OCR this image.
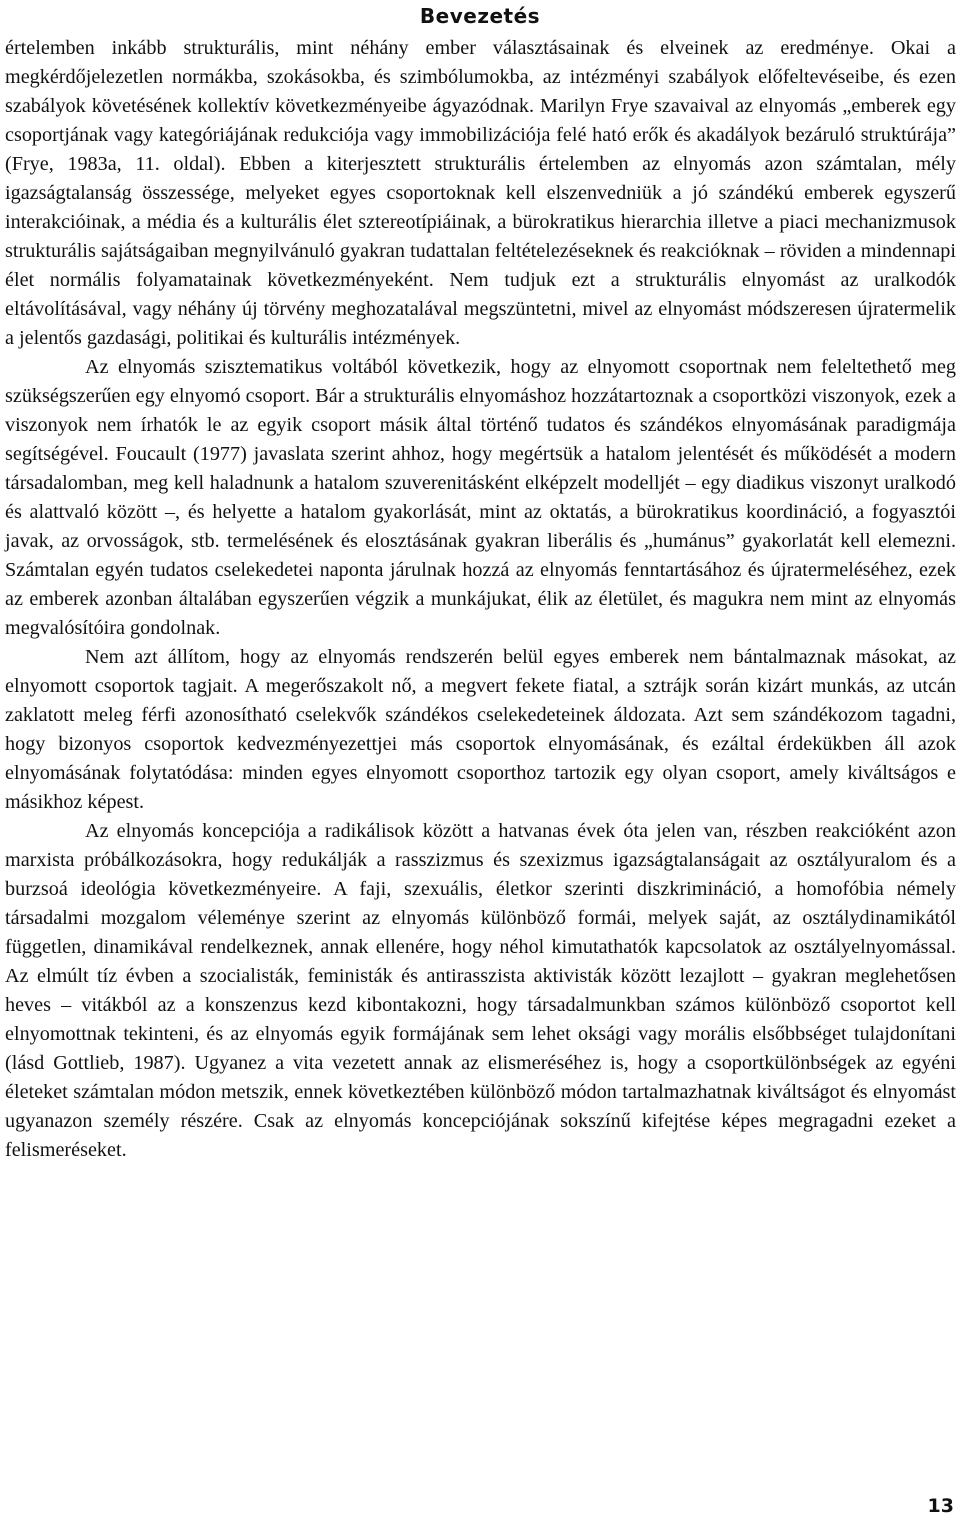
Bevezetés

értelemben inkább strukturális, mint néhány ember választásainak és elveinek az eredménye. Okai a megkérdőjelezetlen normákba, szokásokba, és szimbólumokba, az intézményi szabályok előfeltevéseibe, és ezen szabályok követésének kollektív következményeibe ágyazódnak. Marilyn Frye szavaival az elnyomás „emberek egy csoportjának vagy kategóriájának redukciója vagy immobilizációja felé ható erők és akadályok bezáruló struktúrája” (Frye, 1983a, 11. oldal). Ebben a kiterjesztett strukturális értelemben az elnyomás azon számtalan, mély igazságtalanság összessége, melyeket egyes csoportoknak kell elszenvedniük a jó szándékú emberek egyszerű interakcióinak, a média és a kulturális élet sztereotípiáinak, a bürokratikus hierarchia illetve a piaci mechanizmusok strukturális sajátságaiban megnyilvánuló gyakran tudattalan feltételezéseknek és reakcióknak – röviden a mindennapi élet normális folyamatainak következményeként. Nem tudjuk ezt a strukturális elnyomást az uralkodók eltávolításával, vagy néhány új törvény meghozatalával megszüntetni, mivel az elnyomást módszeresen újratermelik a jelentős gazdasági, politikai és kulturális intézmények.

Az elnyomás szisztematikus voltából következik, hogy az elnyomott csoportnak nem feleltethető meg szükségszerűen egy elnyomó csoport. Bár a strukturális elnyomáshoz hozzátartoznak a csoportközi viszonyok, ezek a viszonyok nem írhatók le az egyik csoport másik által történő tudatos és szándékos elnyomásának paradigmája segítségével. Foucault (1977) javaslata szerint ahhoz, hogy megértsük a hatalom jelentését és működését a modern társadalomban, meg kell haladnunk a hatalom szuverenitásként elképzelt modelljét – egy diadikus viszonyt uralkodó és alattvaló között –, és helyette a hatalom gyakorlását, mint az oktatás, a bürokratikus koordináció, a fogyasztói javak, az orvosságok, stb. termelésének és elosztásának gyakran liberális és „humánus” gyakorlatát kell elemezni. Számtalan egyén tudatos cselekedetei naponta járulnak hozzá az elnyomás fenntartásához és újratermeléséhez, ezek az emberek azonban általában egyszerűen végzik a munkájukat, élik az életület, és magukra nem mint az elnyomás megvalósítóira gondolnak.

Nem azt állítom, hogy az elnyomás rendszerén belül egyes emberek nem bántalmaznak másokat, az elnyomott csoportok tagjait. A megerőszakolt nő, a megvert fekete fiatal, a sztrájk során kizárt munkás, az utcán zaklatott meleg férfi azonosítható cselekvők szándékos cselekedeteinek áldozata. Azt sem szándékozom tagadni, hogy bizonyos csoportok kedvezményezettjei más csoportok elnyomásának, és ezáltal érdekükben áll azok elnyomásának folytatódása: minden egyes elnyomott csoporthoz tartozik egy olyan csoport, amely kiváltságos e másikhoz képest.

Az elnyomás koncepciója a radikálisok között a hatvanas évek óta jelen van, részben reakcióként azon marxista próbálkozásokra, hogy redukálják a rasszizmus és szexizmus igazságtalanságait az osztályuralom és a burzsoá ideológia következményeire. A faji, szexuális, életkor szerinti diszkrimináció, a homofóbia némely társadalmi mozgalom véleménye szerint az elnyomás különböző formái, melyek saját, az osztálydinamikától független, dinamikával rendelkeznek, annak ellenére, hogy néhol kimutathatók kapcsolatok az osztályelnyomással. Az elmúlt tíz évben a szocialisták, feministák és antirasszista aktivisták között lezajlott – gyakran meglehetősen heves – vitákból az a konszenzus kezd kibontakozni, hogy társadalmunkban számos különböző csoportot kell elnyomottnak tekinteni, és az elnyomás egyik formájának sem lehet oksági vagy morális elsőbbséget tulajdonítani (lásd Gottlieb, 1987). Ugyanez a vita vezetett annak az elismeréséhez is, hogy a csoportkülönbségek az egyéni életeket számtalan módon metszik, ennek következtében különböző módon tartalmazhatnak kiváltságot és elnyomást ugyanazon személy részére. Csak az elnyomás koncepciójának sokszínű kifejtése képes megragadni ezeket a felismeréseket.

13
